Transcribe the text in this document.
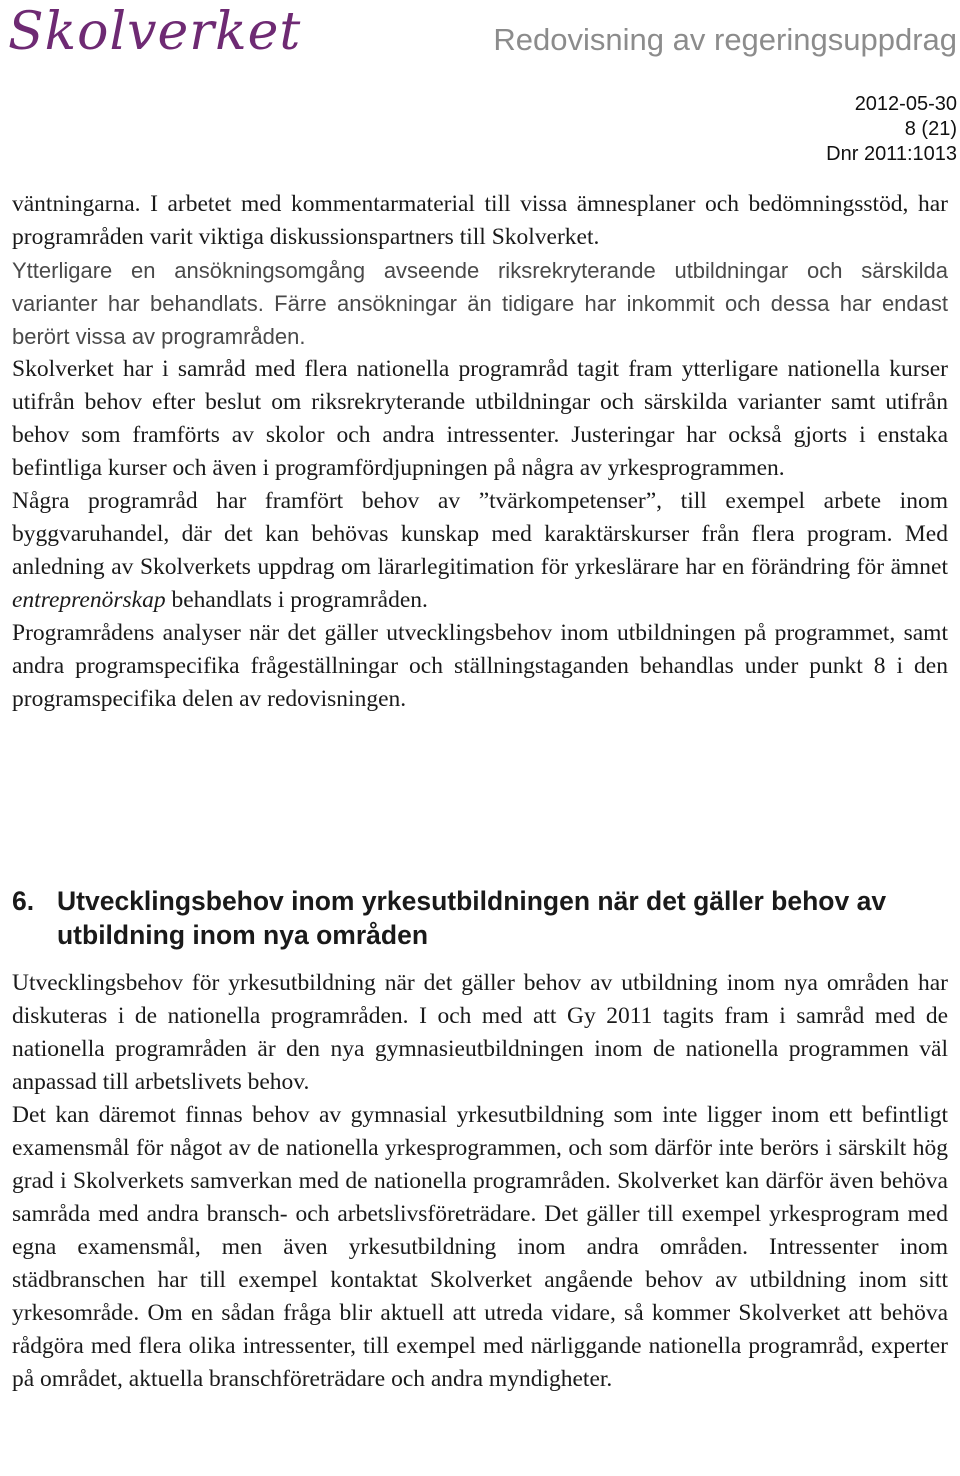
Skolverket	Redovisning av regeringsuppdrag
2012-05-30
8 (21)
Dnr 2011:1013

väntningarna. I arbetet med kommentarmaterial till vissa ämnesplaner och bedömningsstöd, har programråden varit viktiga diskussionspartners till Skolverket.

Ytterligare en ansökningsomgång avseende riksrekryterande utbildningar och särskilda varianter har behandlats. Färre ansökningar än tidigare har inkommit och dessa har endast berört vissa av programråden.

Skolverket har i samråd med flera nationella programråd tagit fram ytterligare nationella kurser utifrån behov efter beslut om riksrekryterande utbildningar och särskilda varianter samt utifrån behov som framförts av skolor och andra intressenter. Justeringar har också gjorts i enstaka befintliga kurser och även i programfördjupningen på några av yrkesprogrammen.

Några programråd har framfört behov av ”tvärkompetenser”, till exempel arbete inom byggvaruhandel, där det kan behövas kunskap med karaktärskurser från flera program. Med anledning av Skolverkets uppdrag om lärarlegitimation för yrkeslärare har en förändring för ämnet entreprenörskap behandlats i programråden.

Programrådens analyser när det gäller utvecklingsbehov inom utbildningen på programmet, samt andra programspecifika frågeställningar och ställningstaganden behandlas under punkt 8 i den programspecifika delen av redovisningen.

6. Utvecklingsbehov inom yrkesutbildningen när det gäller behov av utbildning inom nya områden

Utvecklingsbehov för yrkesutbildning när det gäller behov av utbildning inom nya områden har diskuteras i de nationella programråden. I och med att Gy 2011 tagits fram i samråd med de nationella programråden är den nya gymnasieutbildningen inom de nationella programmen väl anpassad till arbetslivets behov.

Det kan däremot finnas behov av gymnasial yrkesutbildning som inte ligger inom ett befintligt examensmål för något av de nationella yrkesprogrammen, och som därför inte berörs i särskilt hög grad i Skolverkets samverkan med de nationella programråden. Skolverket kan därför även behöva samråda med andra bransch- och arbetslivsföreträdare. Det gäller till exempel yrkesprogram med egna examensmål, men även yrkesutbildning inom andra områden. Intressenter inom städbranschen har till exempel kontaktat Skolverket angående behov av utbildning inom sitt yrkesområde. Om en sådan fråga blir aktuell att utreda vidare, så kommer Skolverket att behöva rådgöra med flera olika intressenter, till exempel med närliggande nationella programråd, experter på området, aktuella branschföreträdare och andra myndigheter.
